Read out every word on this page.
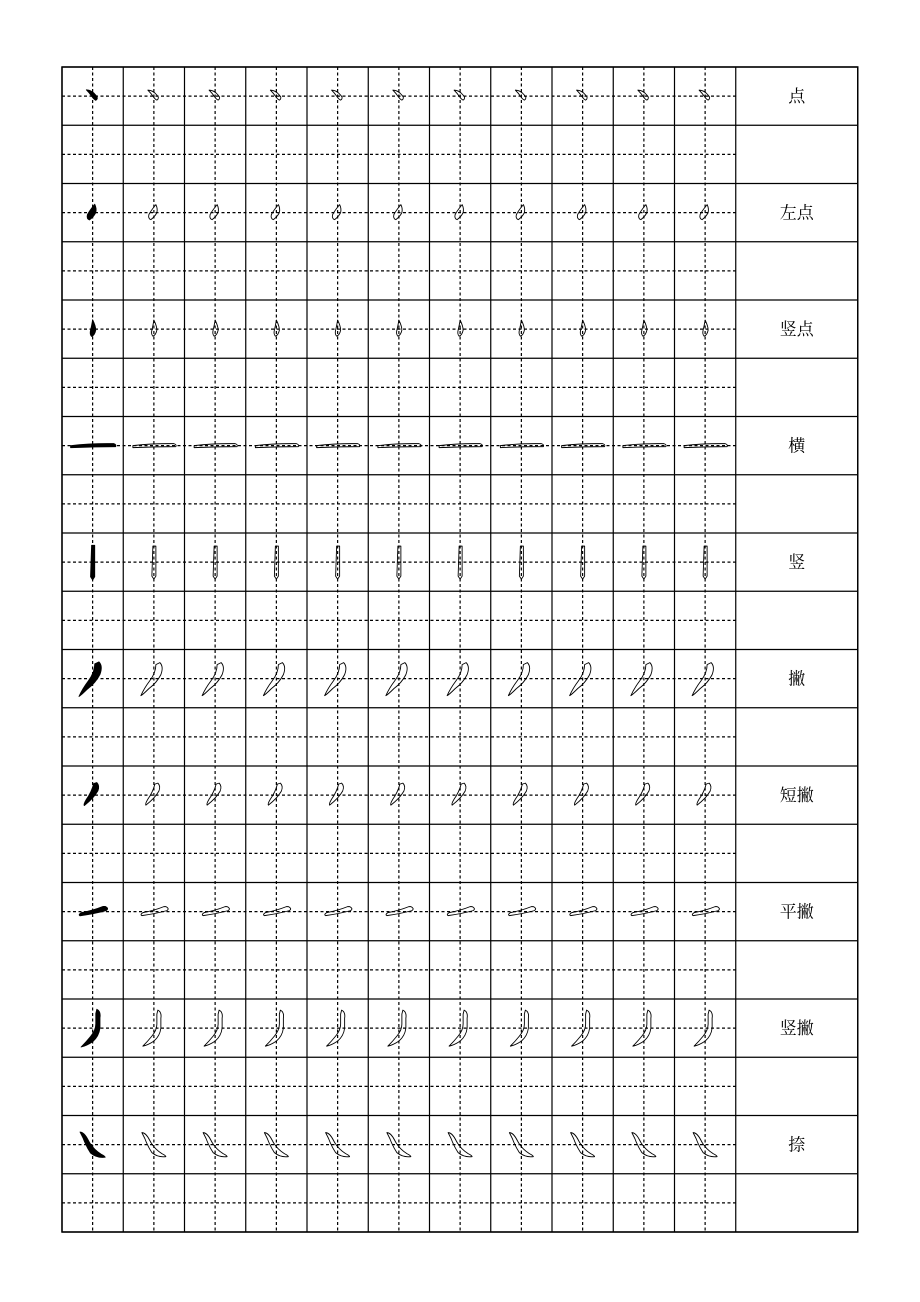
点
左点
竖点
横
竖
撇
短撇
平撇
竖撇
捺
